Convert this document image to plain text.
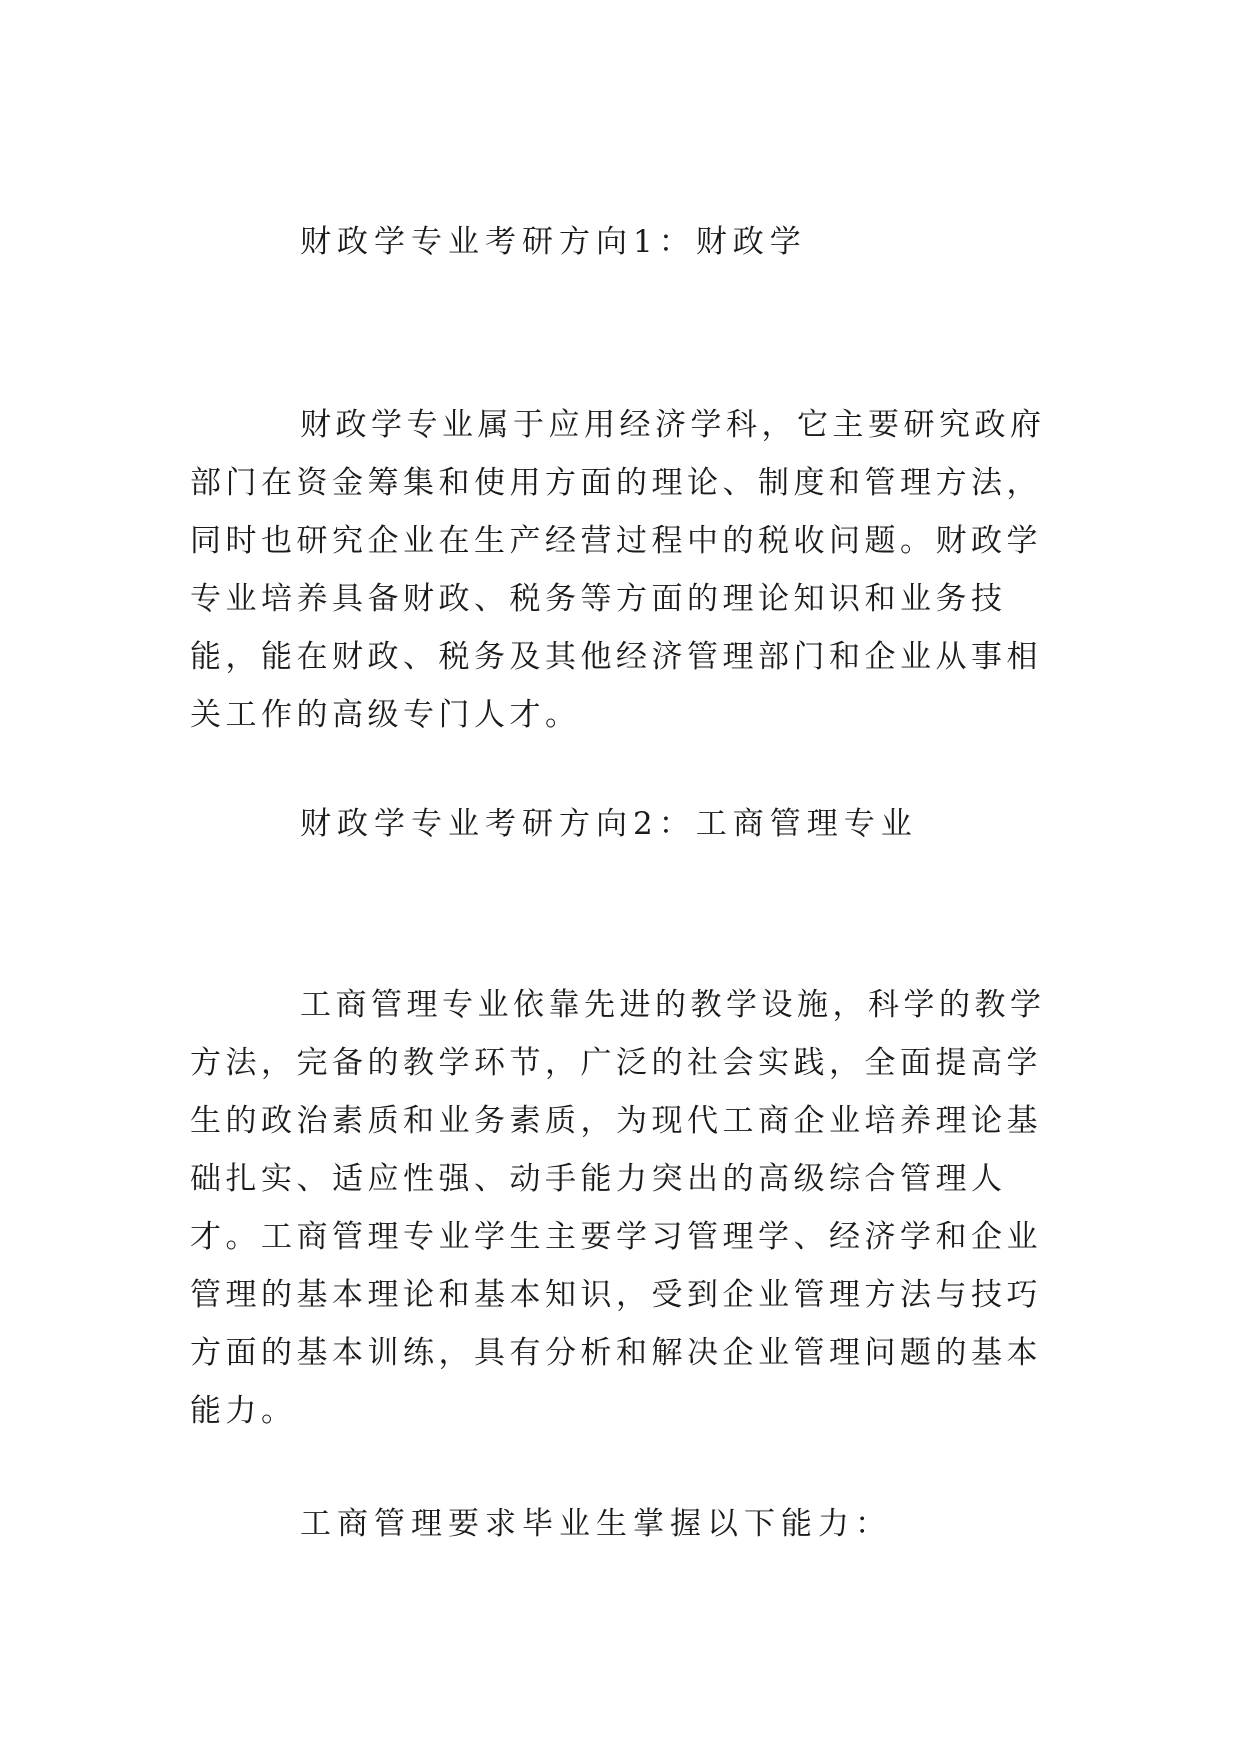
财政学专业考研方向1：财政学

财政学专业属于应用经济学科，它主要研究政府部门在资金筹集和使用方面的理论、制度和管理方法，同时也研究企业在生产经营过程中的税收问题。财政学专业培养具备财政、税务等方面的理论知识和业务技能，能在财政、税务及其他经济管理部门和企业从事相关工作的高级专门人才。

财政学专业考研方向2：工商管理专业

工商管理专业依靠先进的教学设施，科学的教学方法，完备的教学环节，广泛的社会实践，全面提高学生的政治素质和业务素质，为现代工商企业培养理论基础扎实、适应性强、动手能力突出的高级综合管理人才。工商管理专业学生主要学习管理学、经济学和企业管理的基本理论和基本知识，受到企业管理方法与技巧方面的基本训练，具有分析和解决企业管理问题的基本能力。

工商管理要求毕业生掌握以下能力：
